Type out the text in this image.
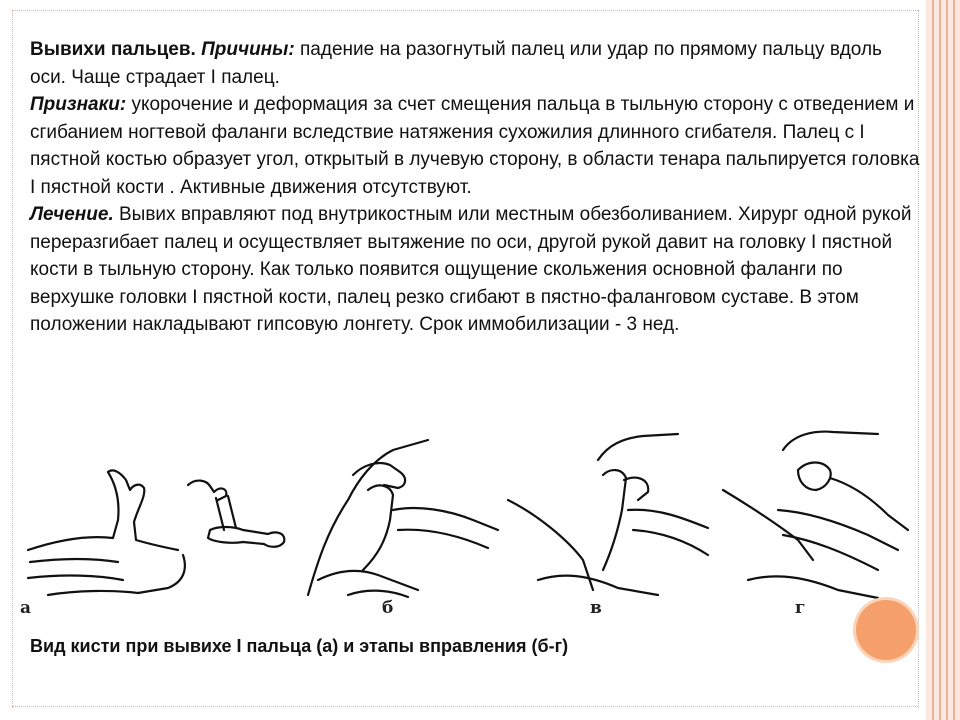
Вывихи пальцев. Причины: падение на разогнутый палец или удар по прямому пальцу вдоль оси. Чаще страдает I палец.

Признаки: укорочение и деформация за счет смещения пальца в тыльную сторону с отведением и сгибанием ногтевой фаланги вследствие натяжения сухожилия длинного сгибателя. Палец с I пястной костью образует угол, открытый в лучевую сторону, в области тенара пальпируется головка I пястной кости . Активные движения отсутствуют.

Лечение. Вывих вправляют под внутрикостным или местным обезболиванием. Хирург одной рукой переразгибает палец и осуществляет вытяжение по оси, другой рукой давит на головку I пястной кости в тыльную сторону. Как только появится ощущение скольжения основной фаланги по верхушке головки I пястной кости, палец резко сгибают в пястно-фаланговом суставе. В этом положении накладывают гипсовую лонгету. Срок иммобилизации - 3 нед.

а	б	в	г
Вид кисти при вывихе I пальца (а) и этапы вправления (б-г)
